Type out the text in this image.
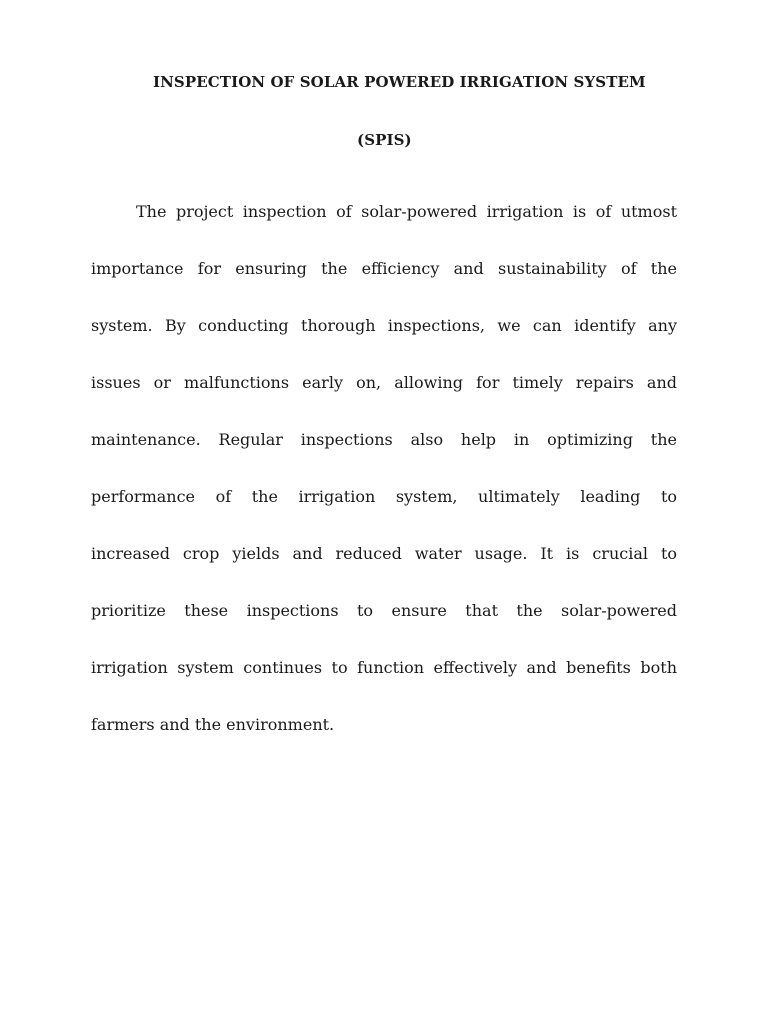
INSPECTION OF SOLAR POWERED IRRIGATION SYSTEM
(SPIS)
The project inspection of solar-powered irrigation is of utmost
importance for ensuring the efficiency and sustainability of the
system. By conducting thorough inspections, we can identify any
issues or malfunctions early on, allowing for timely repairs and
maintenance. Regular inspections also help in optimizing the
performance of the irrigation system, ultimately leading to
increased crop yields and reduced water usage. It is crucial to
prioritize these inspections to ensure that the solar-powered
irrigation system continues to function effectively and benefits both
farmers and the environment.
